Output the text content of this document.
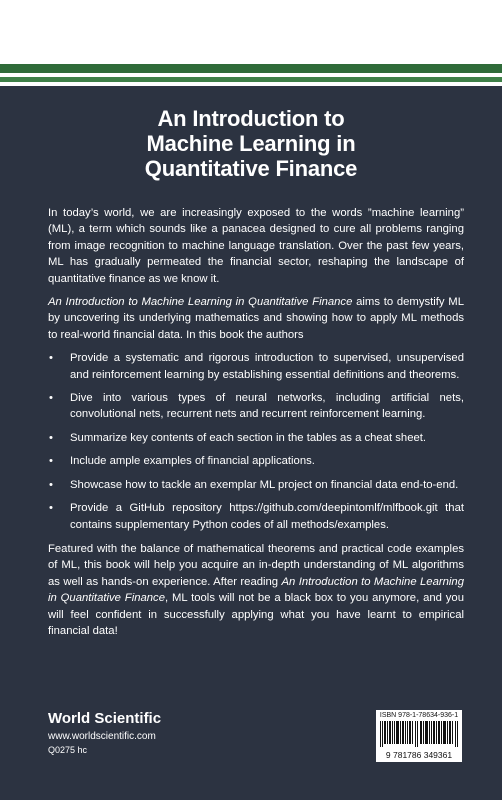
An Introduction to
Machine Learning in
Quantitative Finance

In today’s world, we are increasingly exposed to the words ”machine learning” (ML), a term which sounds like a panacea designed to cure all problems ranging from image recognition to machine language translation. Over the past few years, ML has gradually permeated the financial sector, reshaping the landscape of quantitative finance as we know it.

An Introduction to Machine Learning in Quantitative Finance aims to demystify ML by uncovering its underlying mathematics and showing how to apply ML methods to real-world financial data. In this book the authors

• Provide a systematic and rigorous introduction to supervised, unsupervised and reinforcement learning by establishing essential definitions and theorems.
• Dive into various types of neural networks, including artificial nets, convolutional nets, recurrent nets and recurrent reinforcement learning.
• Summarize key contents of each section in the tables as a cheat sheet.
• Include ample examples of financial applications.
• Showcase how to tackle an exemplar ML project on financial data end-to-end.
• Provide a GitHub repository https://github.com/deepintomlf/mlfbook.git that contains supplementary Python codes of all methods/examples.

Featured with the balance of mathematical theorems and practical code examples of ML, this book will help you acquire an in-depth understanding of ML algorithms as well as hands-on experience. After reading An Introduction to Machine Learning in Quantitative Finance, ML tools will not be a black box to you anymore, and you will feel confident in successfully applying what you have learnt to empirical financial data!

World Scientific
www.worldscientific.com
Q0275 hc
ISBN 978-1-78634-936-1
9 781786 349361
